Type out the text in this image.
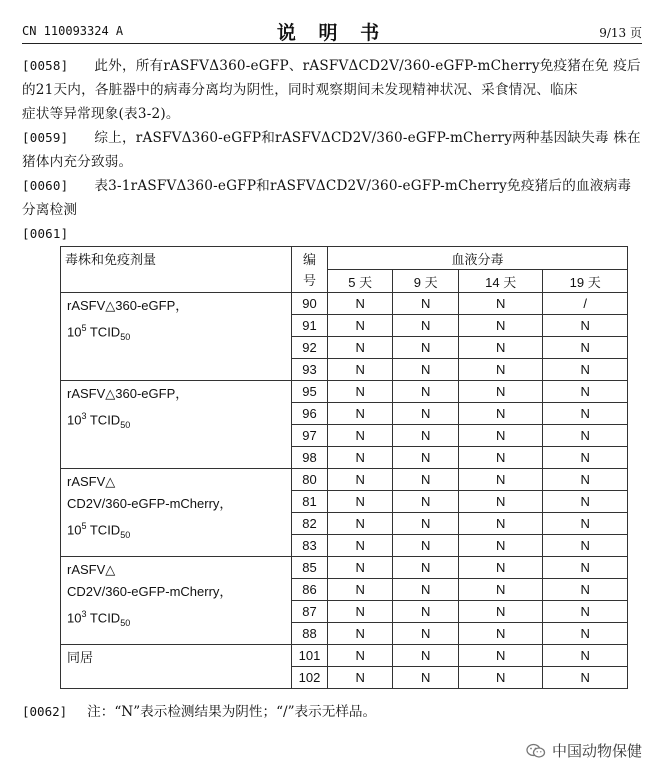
CN 110093324 A	说 明 书	9/13 页
[0058] 此外，所有rASFVΔ360-eGFP、rASFVΔCD2V/360-eGFP-mCherry免疫猪在免 疫后
的21天内，各脏器中的病毒分离均为阴性，同时观察期间未发现精神状况、采食情况、临床
症状等异常现象(表3-2)。
[0059] 综上，rASFVΔ360-eGFP和rASFVΔCD2V/360-eGFP-mCherry两种基因缺失毒 株在
猪体内充分致弱。
[0060] 表3-1rASFVΔ360-eGFP和rASFVΔCD2V/360-eGFP-mCherry免疫猪后的血液病毒
分离检测
[0061]
毒株和免疫剂量	编
号	血液分毒			
		5 天	9 天	14 天	19 天
rASFV△360-eGFP，
$10^5$ $TCID_{50}$	90	N	N	N	/
	91	N	N	N	N
	92	N	N	N	N
	93	N	N	N	N
rASFV△360-eGFP，
$10^3$ $TCID_{50}$	95	N	N	N	N
	96	N	N	N	N
	97	N	N	N	N
	98	N	N	N	N
rASFV△
CD2V/360-eGFP-mCherry，
$10^5$ $TCID_{50}$	80	N	N	N	N
	81	N	N	N	N
	82	N	N	N	N
	83	N	N	N	N
rASFV△
CD2V/360-eGFP-mCherry，
$10^3$ $TCID_{50}$	85	N	N	N	N
	86	N	N	N	N
	87	N	N	N	N
	88	N	N	N	N
同居	101	N	N	N	N
	102	N	N	N	N
[0062] 注：“N”表示检测结果为阴性；“/”表示无样品。
中国动物保健
